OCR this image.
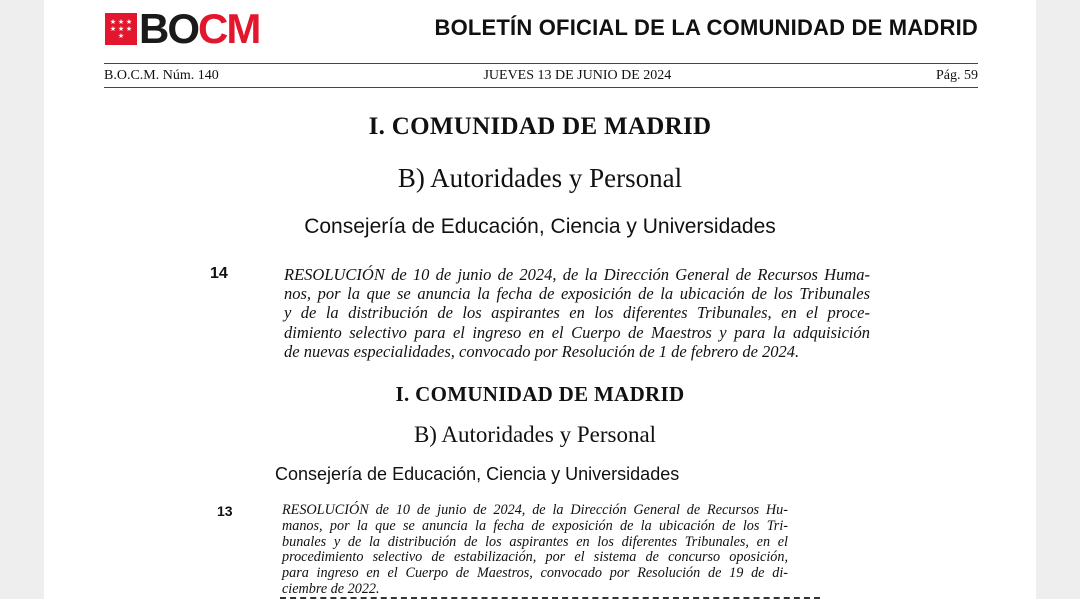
★ ★ ★
★ ★ ★
★ BOCM	BOLETÍN OFICIAL DE LA COMUNIDAD DE MADRID
B.O.C.M. Núm. 140	JUEVES 13 DE JUNIO DE 2024	Pág. 59
I. COMUNIDAD DE MADRID
B) Autoridades y Personal
Consejería de Educación, Ciencia y Universidades
14	RESOLUCIÓN de 10 de junio de 2024, de la Dirección General de Recursos Huma-
nos, por la que se anuncia la fecha de exposición de la ubicación de los Tribunales
y de la distribución de los aspirantes en los diferentes Tribunales, en el proce-
dimiento selectivo para el ingreso en el Cuerpo de Maestros y para la adquisición
de nuevas especialidades, convocado por Resolución de 1 de febrero de 2024.
I. COMUNIDAD DE MADRID
B) Autoridades y Personal
Consejería de Educación, Ciencia y Universidades
13	RESOLUCIÓN de 10 de junio de 2024, de la Dirección General de Recursos Hu-
manos, por la que se anuncia la fecha de exposición de la ubicación de los Tri-
bunales y de la distribución de los aspirantes en los diferentes Tribunales, en el
procedimiento selectivo de estabilización, por el sistema de concurso oposición,
para ingreso en el Cuerpo de Maestros, convocado por Resolución de 19 de di-
ciembre de 2022.
